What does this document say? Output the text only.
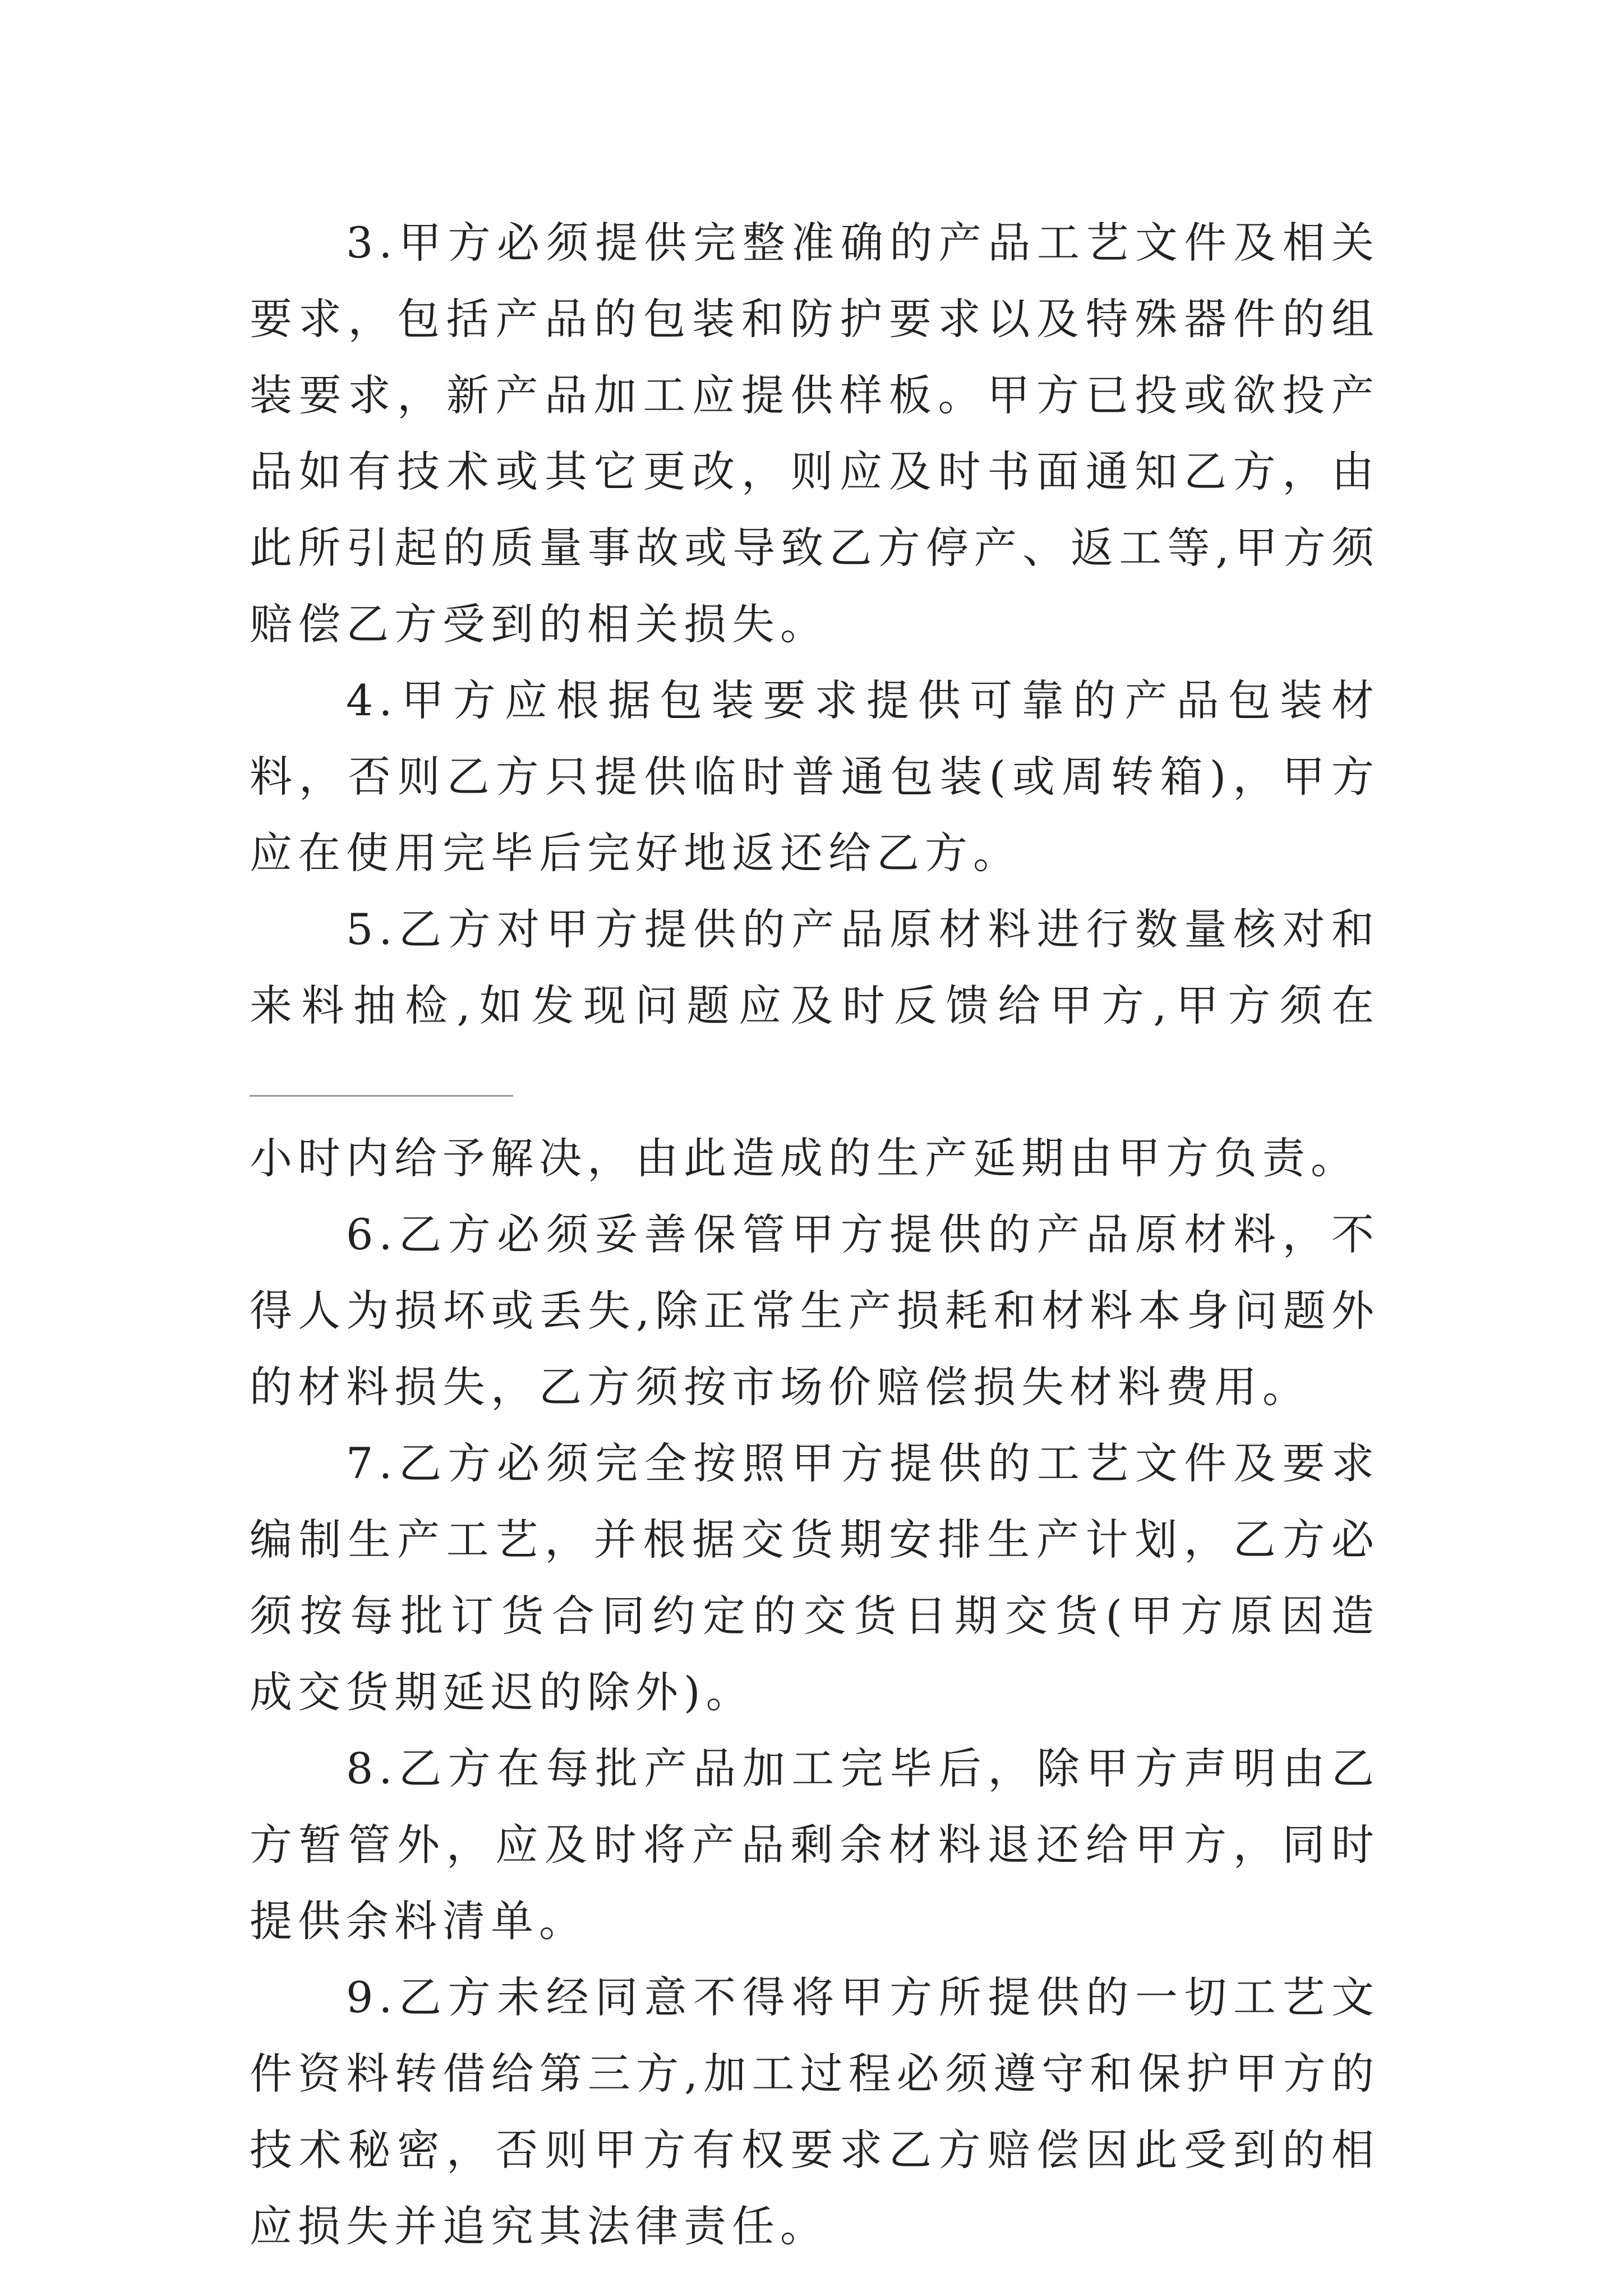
3.甲方必须提供完整准确的产品工艺文件及相关要求，包括产品的包装和防护要求以及特殊器件的组装要求，新产品加工应提供样板。甲方已投或欲投产品如有技术或其它更改，则应及时书面通知乙方，由此所引起的质量事故或导致乙方停产、返工等,甲方须赔偿乙方受到的相关损失。

4.甲方应根据包装要求提供可靠的产品包装材料，否则乙方只提供临时普通包装(或周转箱)，甲方应在使用完毕后完好地返还给乙方。

5.乙方对甲方提供的产品原材料进行数量核对和来料抽检,如发现问题应及时反馈给甲方,甲方须在
小时内给予解决，由此造成的生产延期由甲方负责。

6.乙方必须妥善保管甲方提供的产品原材料，不得人为损坏或丢失,除正常生产损耗和材料本身问题外的材料损失，乙方须按市场价赔偿损失材料费用。

7.乙方必须完全按照甲方提供的工艺文件及要求编制生产工艺，并根据交货期安排生产计划，乙方必须按每批订货合同约定的交货日期交货(甲方原因造成交货期延迟的除外)。

8.乙方在每批产品加工完毕后，除甲方声明由乙方暂管外，应及时将产品剩余材料退还给甲方，同时提供余料清单。

9.乙方未经同意不得将甲方所提供的一切工艺文件资料转借给第三方,加工过程必须遵守和保护甲方的技术秘密，否则甲方有权要求乙方赔偿因此受到的相应损失并追究其法律责任。
